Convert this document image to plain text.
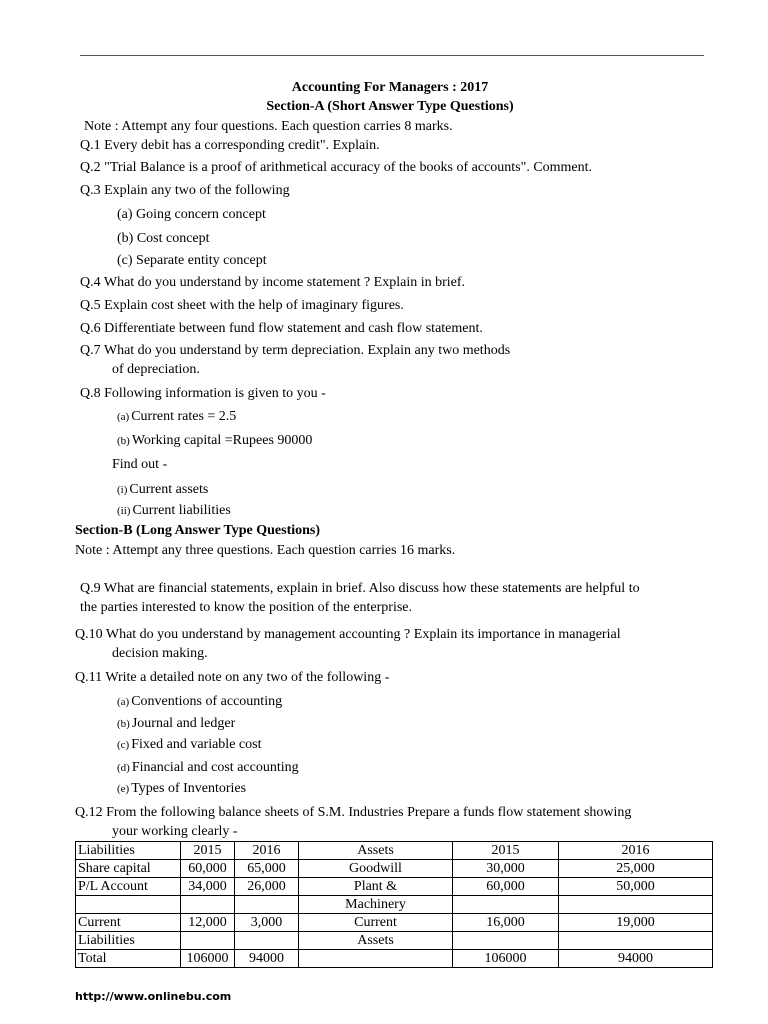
Accounting For Managers : 2017
Section-A (Short Answer Type Questions)
Note : Attempt any four questions. Each question carries 8 marks.
Q.1 Every debit has a corresponding credit". Explain.
Q.2 "Trial Balance is a proof of arithmetical accuracy of the books of accounts". Comment.
Q.3 Explain any two of the following
(a) Going concern concept
(b) Cost concept
(c) Separate entity concept
Q.4 What do you understand by income statement ? Explain in brief.
Q.5 Explain cost sheet with the help of imaginary figures.
Q.6 Differentiate between fund flow statement and cash flow statement.
Q.7 What do you understand by term depreciation. Explain any two methods
of depreciation.
Q.8 Following information is given to you -
(a) Current rates = 2.5
(b) Working capital =Rupees 90000
Find out -
(i) Current assets
(ii) Current liabilities
Section-B (Long Answer Type Questions)
Note : Attempt any three questions. Each question carries 16 marks.
Q.9 What are financial statements, explain in brief. Also discuss how these statements are helpful to
the parties interested to know the position of the enterprise.
Q.10 What do you understand by management accounting ? Explain its importance in managerial
decision making.
Q.11 Write a detailed note on any two of the following -
(a) Conventions of accounting
(b) Journal and ledger
(c) Fixed and variable cost
(d) Financial and cost accounting
(e) Types of Inventories
Q.12 From the following balance sheets of S.M. Industries Prepare a funds flow statement showing
your working clearly -
Liabilities	2015	2016	Assets	2015	2016
Share capital	60,000	65,000	Goodwill	30,000	25,000
P/L Account	34,000	26,000	Plant &	60,000	50,000
			Machinery		
Current	12,000	3,000	Current	16,000	19,000
Liabilities			Assets		
Total	106000	94000		106000	94000
http://www.onlinebu.com
